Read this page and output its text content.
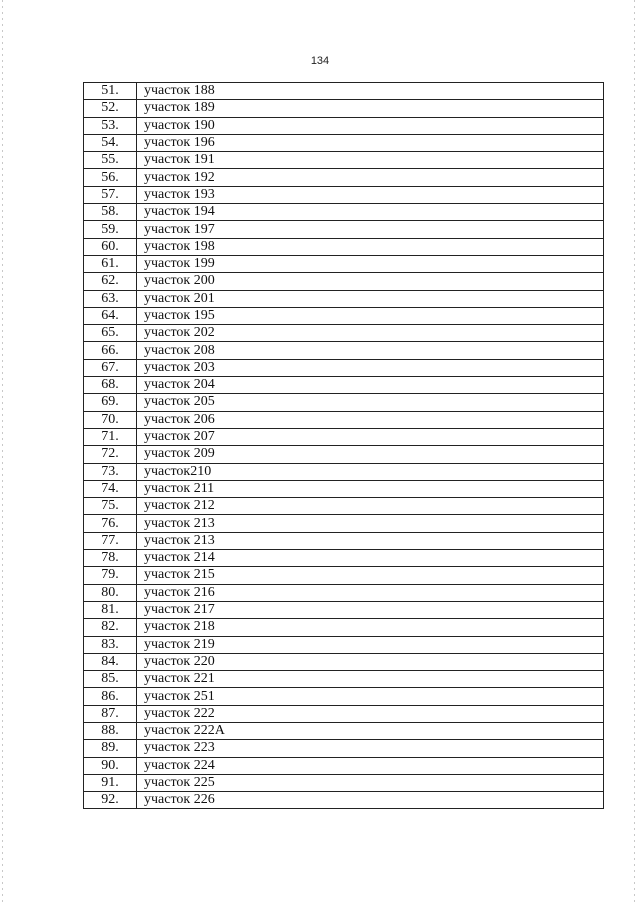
134
51.	участок 188
52.	участок 189
53.	участок 190
54.	участок 196
55.	участок 191
56.	участок 192
57.	участок 193
58.	участок 194
59.	участок 197
60.	участок 198
61.	участок 199
62.	участок 200
63.	участок 201
64.	участок 195
65.	участок 202
66.	участок 208
67.	участок 203
68.	участок 204
69.	участок 205
70.	участок 206
71.	участок 207
72.	участок 209
73.	участок210
74.	участок 211
75.	участок 212
76.	участок 213
77.	участок 213
78.	участок 214
79.	участок 215
80.	участок 216
81.	участок 217
82.	участок 218
83.	участок 219
84.	участок 220
85.	участок 221
86.	участок 251
87.	участок 222
88.	участок 222А
89.	участок 223
90.	участок 224
91.	участок 225
92.	участок 226
